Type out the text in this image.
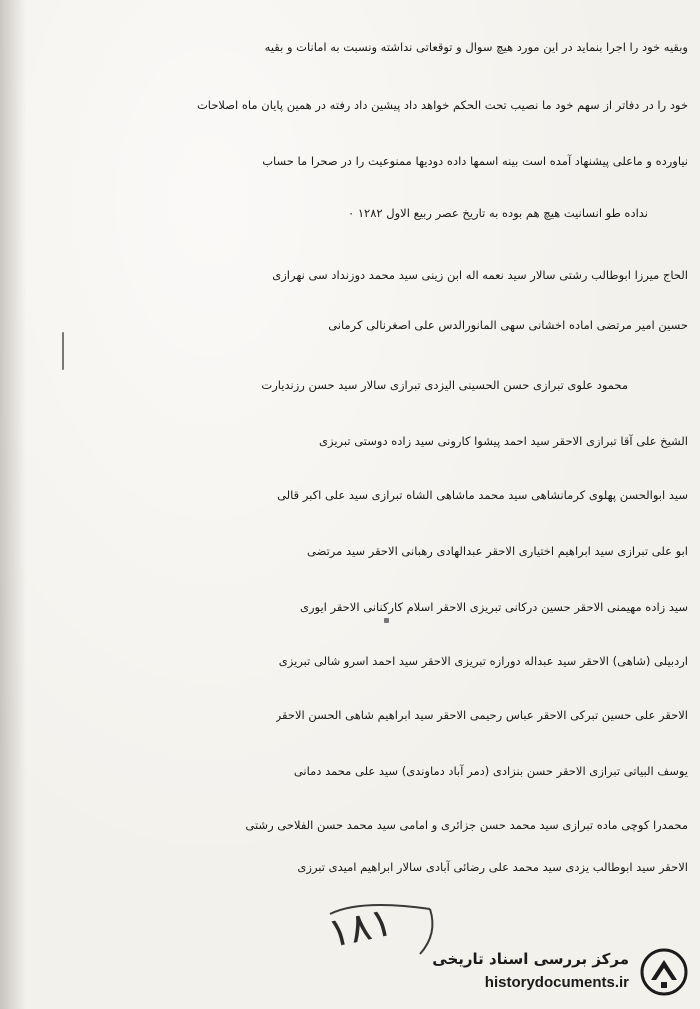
وبقیه خود را اجرا بنماید در این مورد هیچ سوال و توقعاتی نداشته ونسبت به امانات و بقیه
خود را در دفاتر از سهم خود ما نصیب تحت الحکم خواهد داد پیشین داد رفته در همین پایان ماه اصلاحات
نیاورده و ماعلی پیشنهاد آمده است بینه اسمها داده دودیها ممنوعیت را در صحرا ما حساب
نداده طو انسانیت هیچ هم بوده به تاریخ عصر ربیع الاول ۱۲۸۲ ۰
الحاج میرزا ابوطالب رشتی سالار سید نعمه اله ابن زینی سید محمد دوزنداد سی نهرازی
حسین امیر مرتضی اماده اخشانی سهی المانورالدس علی اصغرنالی کرمانی
محمود علوی تبرازی حسن الحسینی الیزدی تبرازی سالار سید حسن رزندیارت
الشیخ علی آقا تبرازی الاحقر سید احمد پیشوا کارونی سید زاده دوستی تبریزی
سید ابوالحسن پهلوی کرمانشاهی سید محمد ماشاهی الشاه تبرازی سید علی اکبر قالی
ابو علی تبرازی سید ابراهیم اختیاری الاحقر عبدالهادی رهبانی الاحقر سید مرتضی
سید زاده مهیمنی الاحقر حسین درکانی تبریزی الاحقر اسلام کارکنانی الاحقر ایوری
اردبیلی (شاهی) الاحقر سید عبداله دورازه تبریزی الاحقر سید احمد اسرو شالی تبریزی
الاحقر علی حسین تبرکی الاحقر عباس رحیمی الاحقر سید ابراهیم شاهی الحسن الاحقر
یوسف البیاتی تبرازی الاحقر حسن بنزادی (دمر آباد دماوندی) سید علی محمد دمانی
محمدرا کوچی ماده تبرازی سید محمد حسن جزائری و امامی سید محمد حسن الفلاحی رشتی
الاحقر سید ابوطالب یزدی سید محمد علی رضائی آبادی سالار ابراهیم امیدی تبرزی
۱۸۱
مرکز بررسی اسناد تاریخی
historydocuments.ir
